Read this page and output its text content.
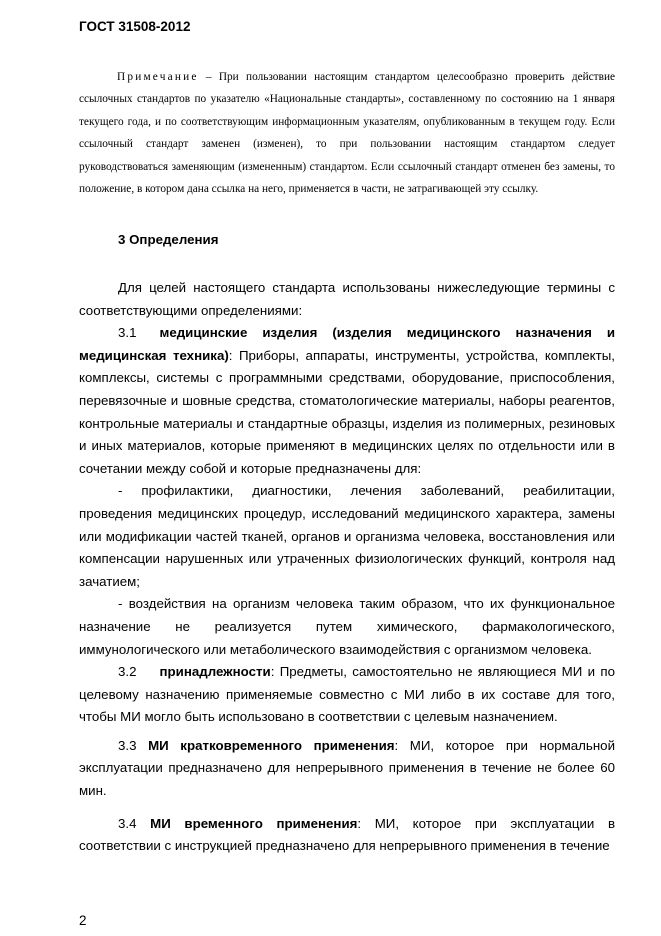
ГОСТ 31508-2012
Примечание – При пользовании настоящим стандартом целесообразно проверить действие ссылочных стандартов по указателю «Национальные стандарты», составленному по состоянию на 1 января текущего года, и по соответствующим информационным указателям, опубликованным в текущем году. Если ссылочный стандарт заменен (изменен), то при пользовании настоящим стандартом следует руководствоваться заменяющим (измененным) стандартом. Если ссылочный стандарт отменен без замены, то положение, в котором дана ссылка на него, применяется в части, не затрагивающей эту ссылку.
3 Определения

Для целей настоящего стандарта использованы нижеследующие термины с соответствующими определениями:

3.1 медицинские изделия (изделия медицинского назначения и медицинская техника): Приборы, аппараты, инструменты, устройства, комплекты, комплексы, системы с программными средствами, оборудование, приспособления, перевязочные и шовные средства, стоматологические материалы, наборы реагентов, контрольные материалы и стандартные образцы, изделия из полимерных, резиновых и иных материалов, которые применяют в медицинских целях по отдельности или в сочетании между собой и которые предназначены для:

- профилактики, диагностики, лечения заболеваний, реабилитации, проведения медицинских процедур, исследований медицинского характера, замены или модификации частей тканей, органов и организма человека, восстановления или компенсации нарушенных или утраченных физиологических функций, контроля над зачатием;

- воздействия на организм человека таким образом, что их функциональное назначение не реализуется путем химического, фармакологического, иммунологического или метаболического взаимодействия с организмом человека.

3.2 принадлежности: Предметы, самостоятельно не являющиеся МИ и по целевому назначению применяемые совместно с МИ либо в их составе для того, чтобы МИ могло быть использовано в соответствии с целевым назначением.

3.3 МИ кратковременного применения: МИ, которое при нормальной эксплуатации предназначено для непрерывного применения в течение не более 60 мин.

3.4 МИ временного применения: МИ, которое при эксплуатации в соответствии с инструкцией предназначено для непрерывного применения в течение

2
